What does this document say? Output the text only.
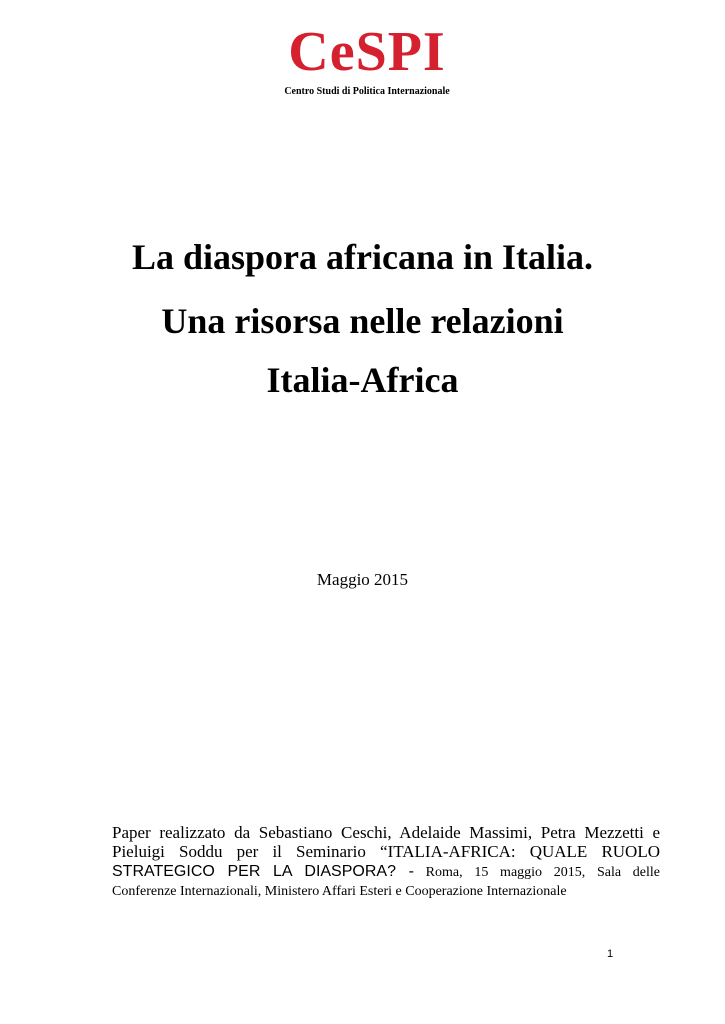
CeSPI
Centro Studi di Politica Internazionale
La diaspora africana in Italia.
Una risorsa nelle relazioni
Italia-Africa
Maggio 2015
Paper realizzato da Sebastiano Ceschi, Adelaide Massimi, Petra Mezzetti e
Pieluigi Soddu per il Seminario “ITALIA-AFRICA: QUALE RUOLO
STRATEGICO PER LA DIASPORA? - Roma, 15 maggio 2015, Sala delle
Conferenze Internazionali, Ministero Affari Esteri e Cooperazione Internazionale
1
